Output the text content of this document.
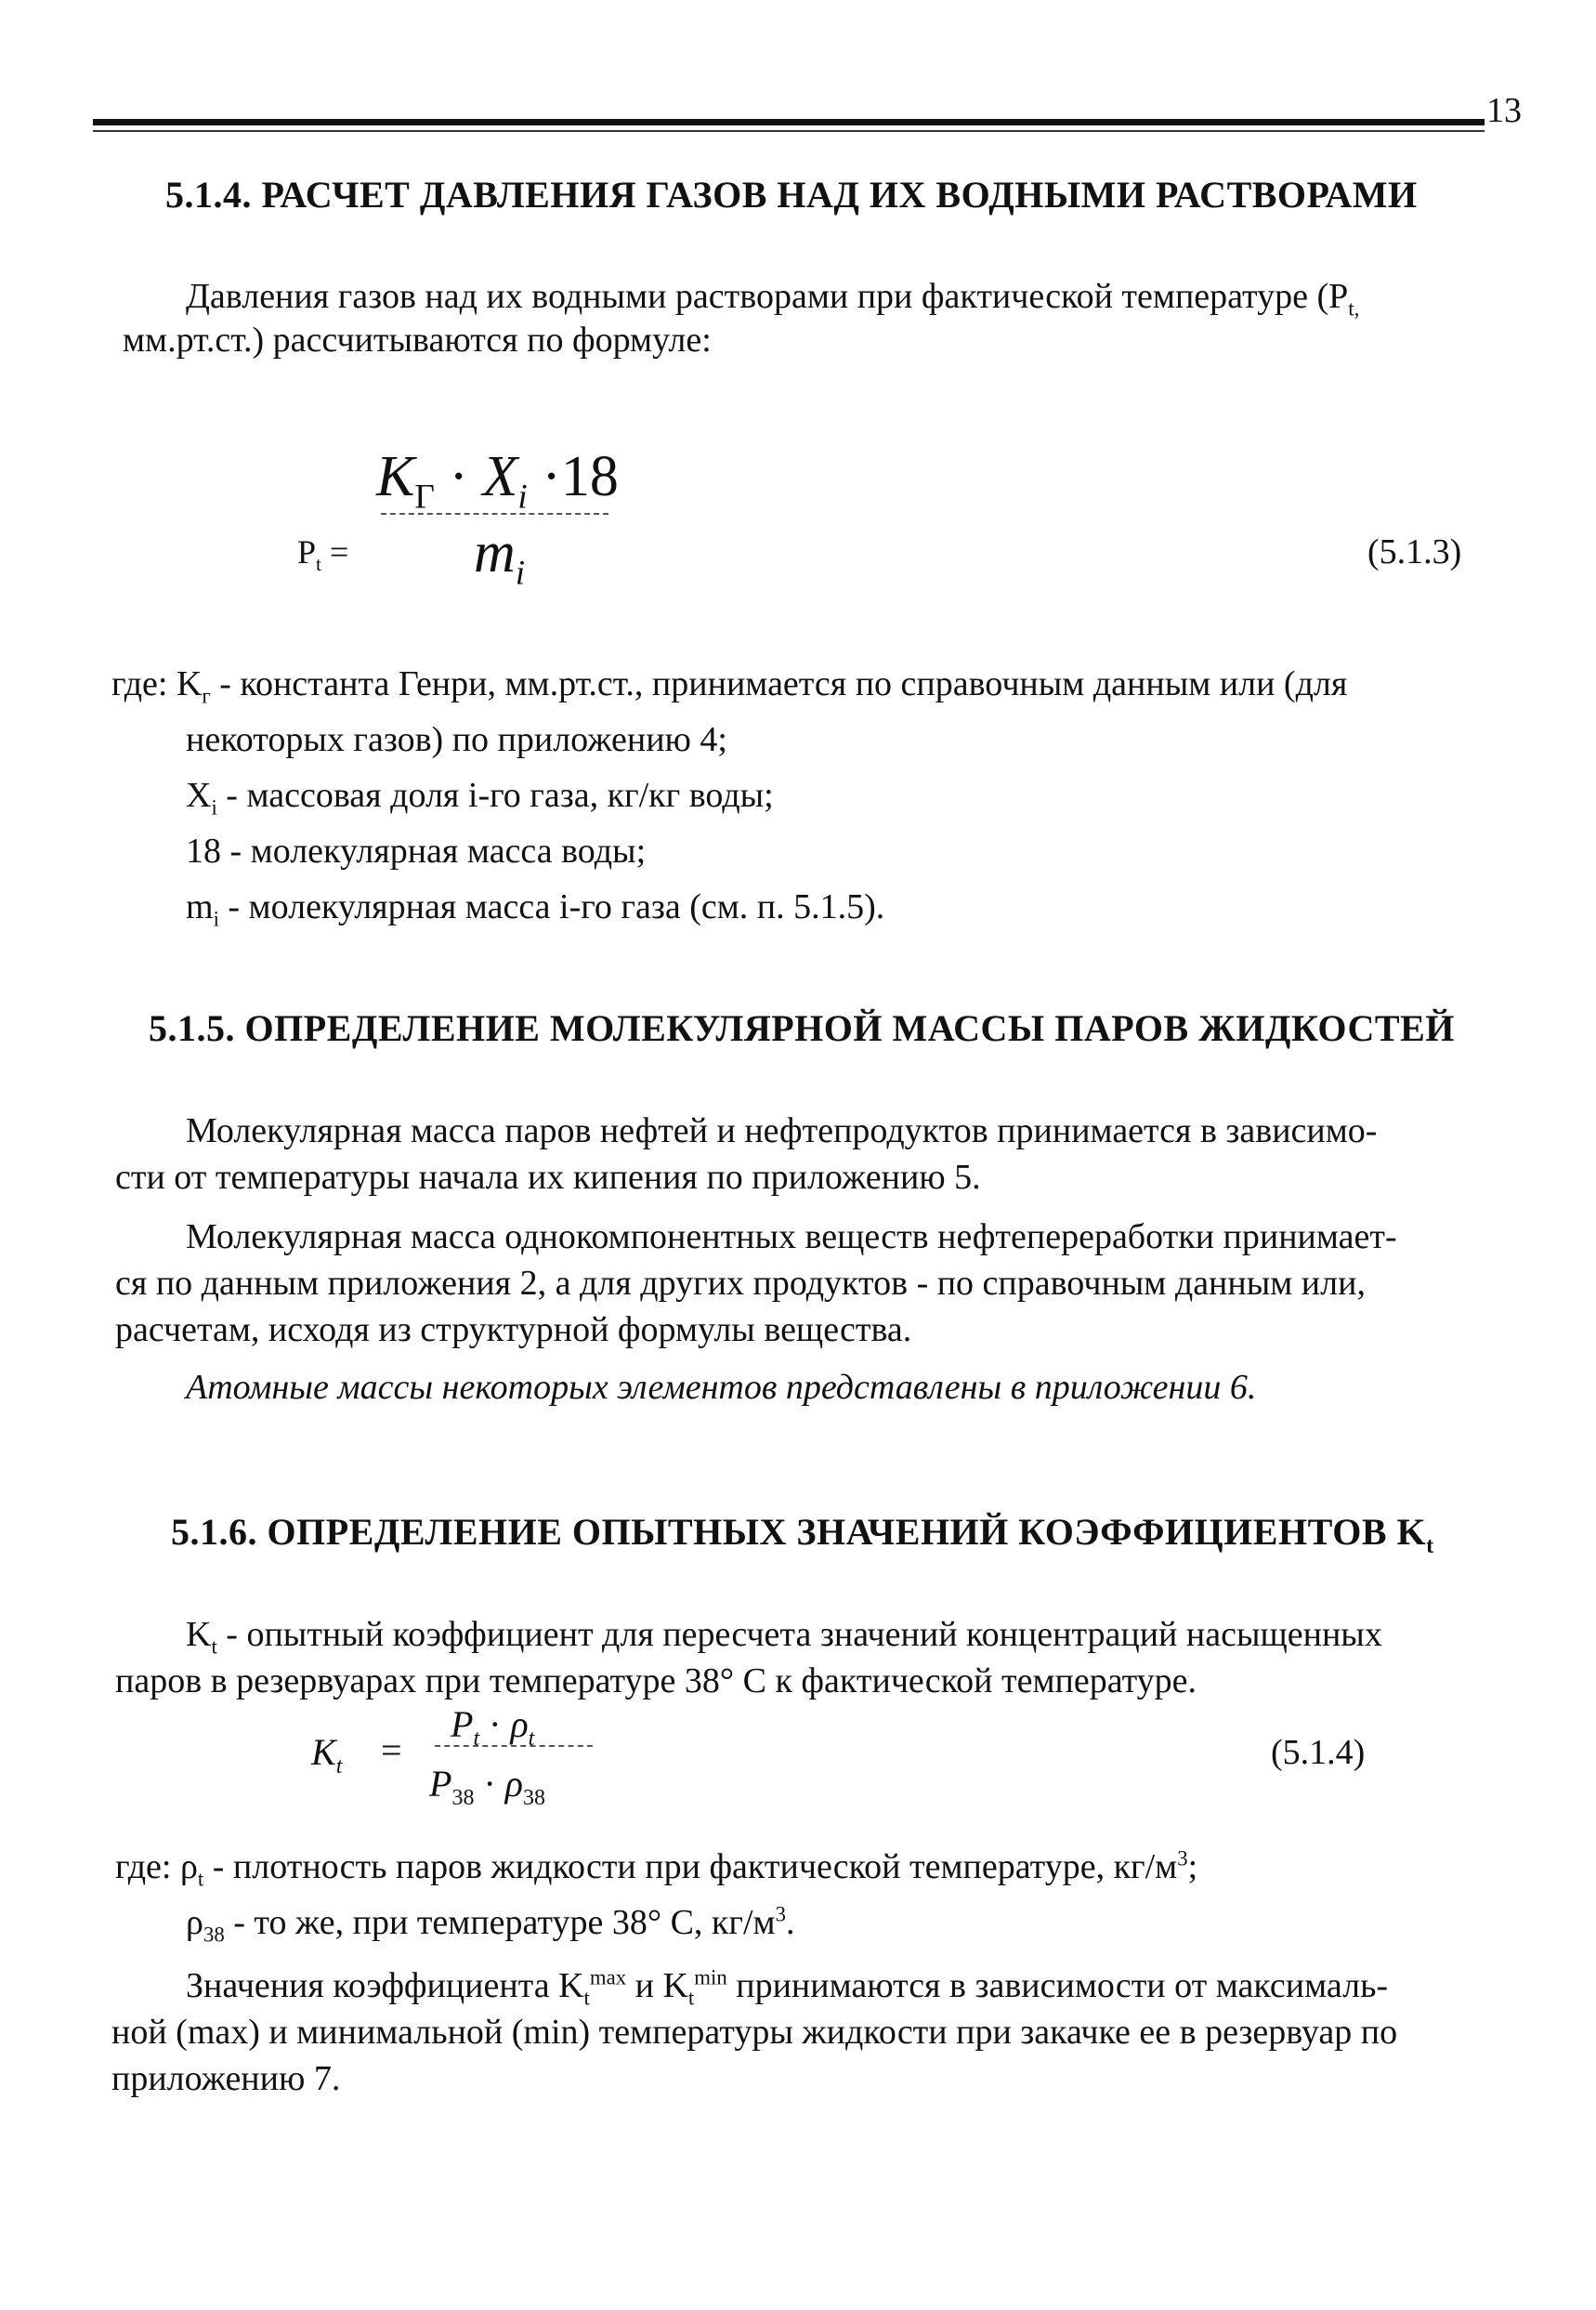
13
5.1.4. РАСЧЕТ ДАВЛЕНИЯ ГАЗОВ НАД ИХ ВОДНЫМИ РАСТВОРАМИ
Давления газов над их водными растворами при фактической температуре ($P_{t,}$
мм.рт.ст.) рассчитываются по формуле:
$P_t$ =
$K_Г \cdot X_i \cdot 18$
$m_i$
(5.1.3)
где: $K_г$ - константа Генри, мм.рт.ст., принимается по справочным данным или (для
некоторых газов) по приложению 4;
$X_i$ - массовая доля i-го газа, кг/кг воды;
18 - молекулярная масса воды;
$m_i$ - молекулярная масса i-го газа (см. п. 5.1.5).
5.1.5. ОПРЕДЕЛЕНИЕ МОЛЕКУЛЯРНОЙ МАССЫ ПАРОВ ЖИДКОСТЕЙ
Молекулярная масса паров нефтей и нефтепродуктов принимается в зависимо-
сти от температуры начала их кипения по приложению 5.
Молекулярная масса однокомпонентных веществ нефтепереработки принимает-
ся по данным приложения 2, а для других продуктов - по справочным данным или,
расчетам, исходя из структурной формулы вещества.
Атомные массы некоторых элементов представлены в приложении 6.
5.1.6. ОПРЕДЕЛЕНИЕ ОПЫТНЫХ ЗНАЧЕНИЙ КОЭФФИЦИЕНТОВ $K_t$
$K_t$ - опытный коэффициент для пересчета значений концентраций насыщенных
паров в резервуарах при температуре 38° С к фактической температуре.
$K_t$ =
$P_t \cdot \rho_t$
$P_{38} \cdot \rho_{38}$
(5.1.4)
где: $\rho_t$ - плотность паров жидкости при фактической температуре, $кг/м^3$;
$\rho_{38}$ - то же, при температуре 38° С, $кг/м^3$.
Значения коэффициента $K_t^{max}$ и $K_t^{min}$ принимаются в зависимости от максималь-
ной (max) и минимальной (min) температуры жидкости при закачке ее в резервуар по
приложению 7.
